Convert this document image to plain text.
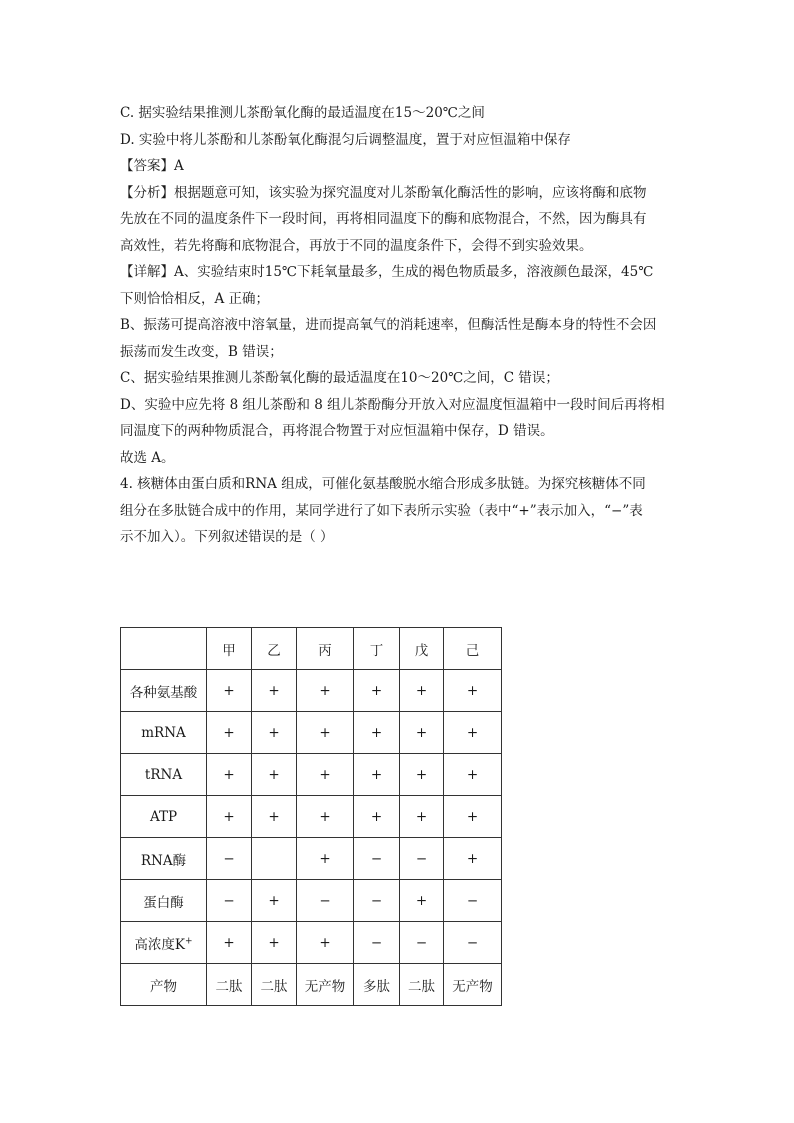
C. 据实验结果推测儿茶酚氧化酶的最适温度在15～20℃之间
D. 实验中将儿茶酚和儿茶酚氧化酶混匀后调整温度，置于对应恒温箱中保存
【答案】A
【分析】根据题意可知，该实验为探究温度对儿茶酚氧化酶活性的影响，应该将酶和底物
先放在不同的温度条件下一段时间，再将相同温度下的酶和底物混合，不然，因为酶具有
高效性，若先将酶和底物混合，再放于不同的温度条件下，会得不到实验效果。
【详解】A、实验结束时15℃下耗氧量最多，生成的褐色物质最多，溶液颜色最深，45℃
下则恰恰相反，A 正确；
B、振荡可提高溶液中溶氧量，进而提高氧气的消耗速率，但酶活性是酶本身的特性不会因
振荡而发生改变，B 错误；
C、据实验结果推测儿茶酚氧化酶的最适温度在10～20℃之间，C 错误；
D、实验中应先将 8 组儿茶酚和 8 组儿茶酚酶分开放入对应温度恒温箱中一段时间后再将相
同温度下的两种物质混合，再将混合物置于对应恒温箱中保存，D 错误。
故选 A。
4. 核糖体由蛋白质和RNA 组成，可催化氨基酸脱水缩合形成多肽链。为探究核糖体不同
组分在多肽链合成中的作用，某同学进行了如下表所示实验（表中“+”表示加入，“−”表
示不加入）。下列叙述错误的是（ ）
	甲	乙	丙	丁	戊	己
各种氨基酸	+	+	+	+	+	+
mRNA	+	+	+	+	+	+
tRNA	+	+	+	+	+	+
ATP	+	+	+	+	+	+
RNA酶	−		+	−	−	+
蛋白酶	−	+	−	−	+	−
高浓度K+	+	+	+	−	−	−
产物	二肽	二肽	无产物	多肽	二肽	无产物
